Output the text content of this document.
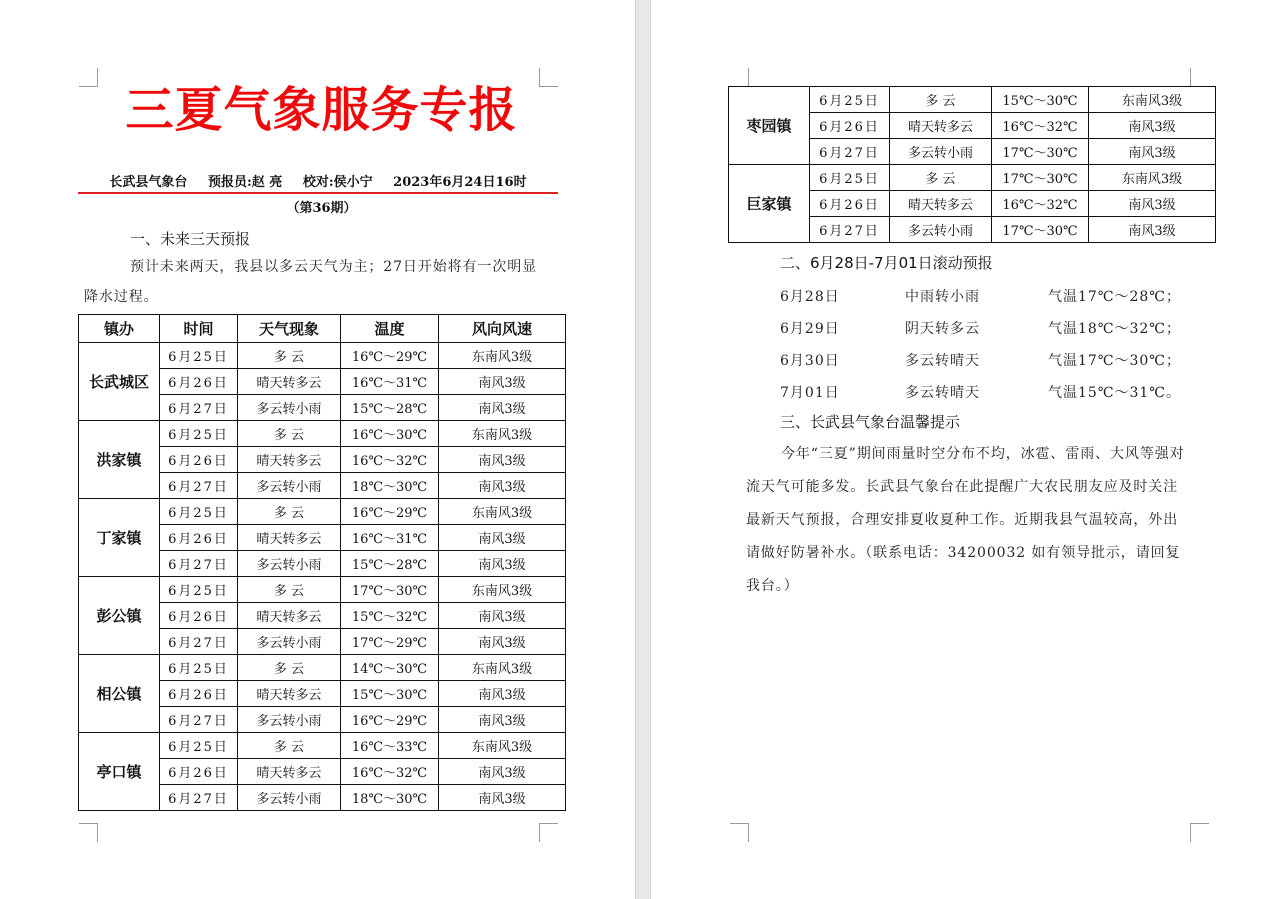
三夏气象服务专报
长武县气象台 预报员:赵 亮 校对:侯小宁 2023年6月24日16时
（第36期）
一、未来三天预报

预计未来两天，我县以多云天气为主；27日开始将有一次明显降水过程。

镇办	时间	天气现象	温度	风向风速
长武城区	6月25日	多 云	16℃～29℃	东南风3级
	6月26日	晴天转多云	16℃～31℃	南风3级
	6月27日	多云转小雨	15℃～28℃	南风3级
洪家镇	6月25日	多 云	16℃～30℃	东南风3级
	6月26日	晴天转多云	16℃～32℃	南风3级
	6月27日	多云转小雨	18℃～30℃	南风3级
丁家镇	6月25日	多 云	16℃～29℃	东南风3级
	6月26日	晴天转多云	16℃～31℃	南风3级
	6月27日	多云转小雨	15℃～28℃	南风3级
彭公镇	6月25日	多 云	17℃～30℃	东南风3级
	6月26日	晴天转多云	15℃～32℃	南风3级
	6月27日	多云转小雨	17℃～29℃	南风3级
相公镇	6月25日	多 云	14℃～30℃	东南风3级
	6月26日	晴天转多云	15℃～30℃	南风3级
	6月27日	多云转小雨	16℃～29℃	南风3级
亭口镇	6月25日	多 云	16℃～33℃	东南风3级
	6月26日	晴天转多云	16℃～32℃	南风3级
	6月27日	多云转小雨	18℃～30℃	南风3级
枣园镇	6月25日	多 云	15℃～30℃	东南风3级
	6月26日	晴天转多云	16℃～32℃	南风3级
	6月27日	多云转小雨	17℃～30℃	南风3级
巨家镇	6月25日	多 云	17℃～30℃	东南风3级
	6月26日	晴天转多云	16℃～32℃	南风3级
	6月27日	多云转小雨	17℃～30℃	南风3级
二、6月28日-7月01日滚动预报
6月28日	中雨转小雨	气温17℃～28℃；
6月29日	阴天转多云	气温18℃～32℃；
6月30日	多云转晴天	气温17℃～30℃；
7月01日	多云转晴天	气温15℃～31℃。
三、长武县气象台温馨提示

今年“三夏”期间雨量时空分布不均，冰雹、雷雨、大风等强对流天气可能多发。长武县气象台在此提醒广大农民朋友应及时关注最新天气预报，合理安排夏收夏种工作。近期我县气温较高，外出请做好防暑补水。（联系电话：34200032 如有领导批示，请回复我台。）
